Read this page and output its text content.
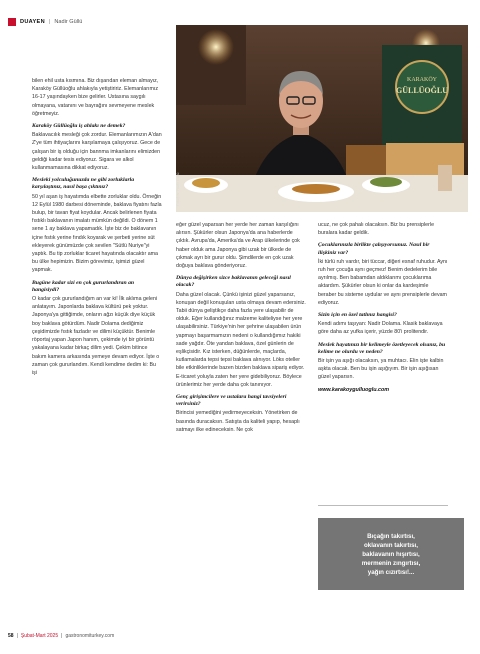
DUAYEN | Nadir Güllü
KARAKÖY
GÜLLÜOĞLU
Fotoğraf: Nadir Güllü

bilen ehil usta kısmına. Biz dışarıdan eleman almayız, Karaköy Güllüoğlu ahlakıyla yetiştiririz. Elemanlarımız 16-17 yaşındayken bize gelirler. Ustasına saygılı olmayana, vatanını ve bayrağını sevmeyene meslek öğretmeyiz.

Karaköy Güllüoğlu iş ahlakı ne demek?

Baklavacılık mesleği çok zordur. Elemanlarımızın A'dan Z'ye tüm ihtiyaçlarını karşılamaya çalışıyoruz. Gece de çalışan bir iş olduğu için bannma imkanlarını elimizden geldiği kadar tesis ediyoruz. Sigara ve alkol kullanmamasına dikkat ediyoruz.

Mesleki yolculuğunuzda ne gibi zorluklarla karşılaştınız, nasıl başa çıktınız?

50 yıl aşan iş hayatımda elbette zorluklar oldu. Örneğin 12 Eylül 1980 darbesi döneminde, baklava fiyatını fazla bulup, bir tavan fiyat koydular. Ancak belirlenen fiyata fıstıklı baklavanın imalatı mümkün değildi. O dönem 1 sene 1 ay baklava yapamadık. İşte biz de baklavanın içine fıstık yerine fındık koyarak ve şerbeti yerine süt ekleyerek günümüzde çok sevilen "Sütlü Nuriye"yi yaptık. Bu tip zorluklar ticaret hayatında olacaktır ama bu ülke hepimizin. Bizim görevimiz, işimizi güzel yapmak.

Bugüne kadar sizi en çok gururlandıran an hangisiydi?

O kadar çok gururlandığım an var ki! İlk aklıma geleni anlatayım. Japonlarda baklava kültürü pek yoktur. Japonya'ya gittiğimde, onların ağzı küçük diye küçük boy baklava götürdüm. Nadir Dolama dediğimiz çeşidimizde fıstık fazladır ve dilimi küçüktür. Benimle röportaj yapan Japon hanım, çekimde iyi bir görüntü yakalayana kadar birkaç dilim yedi. Çekim bitince bakım kamera arkasında yemeye devam ediyor. İşte o zaman çok gururlandım. Kendi kendime dedim ki: Bu işi

eğer güzel yaparsan her yerde her zaman karşılığını alırsın. Şükürler olsun Japonya'da ana haberlerde çıktık. Avrupa'da, Amerika'da ve Arap ülkelerinde çok haber olduk ama Japonya gibi uzak bir ülkede de çıkmak ayrı bir gurur oldu. Şimdilerde en çok uzak doğuya baklava gönderiyoruz.

Dünya değişirken sizce baklavanın geleceği nasıl olacak?

Daha güzel olacak. Çünkü işinizi güzel yaparsanız, konuşan değil konuşulan usta olmaya devam edersiniz. Tabii dünya geliştikçe daha fazla yere ulaşabilir de olduk. Eğer kullandığınız malzeme kaliteliyse her yere ulaşabilirsiniz. Türkiye'nin her şehrine ulaşabilen ürün yapmayı başarmamızın nedeni o kullandığımız hakiki sade yağdır. Öte yandan baklava, özel günlerin de eşlikçisidir. Kız isterken, düğünlerde, maçlarda, kutlamalarda tepsi tepsi baklava alınıyor. Löks oteller bile etkinliklerinde bazen bizden baklava sipariş ediyor. E-ticaret yoluyla zaten her yere gidebiliyoruz. Böylece ürünlerimiz her yerde daha çok tanınıyor.

Genç girişimcilere ve ustalara hangi tavsiyeleri verirsiniz?

Birincisi yemediğini yedirmeyeceksin. Yönetirken de basında duracaksın. Satışta da kaliteli yapıp, hesaplı satmayı ilke edineceksin. Ne çok

ucuz, ne çok pahalı olacaksın. Biz bu prensiplerle buralara kadar geldik.

Çocuklarınızla birlikte çalışıyorsunuz. Nasıl bir ilişkiniz var?

İki türlü ruh vardır, biri tüccar, diğeri esnaf ruhudur. Aynı ruh her çocuğa aynı geçmez! Benim dedelerim bile ayrılmış. Ben babamdan aldıklarımı çocuklarıma aktardım. Şükürler olsun ki onlar da kardeşimle beraber bu sisteme uydular ve aynı prensiplerle devam ediyoruz.

Sizin için en özel tatlınız hangisi?

Kendi adımı taşıyan: Nadir Dolama. Klasik baklavaya göre daha az yufka içerir, yüzde 80'i prolitendir.

Meslek hayatınızı bir kelimeyle özetleyecek olsanız, bu kelime ne olurdu ve neden?

Bir işin ya aşığı olacaksın, ya muhtacı. Elin işte kalbin aşkta olacak. Ben bu işin aşığıyım. Bir işin aşığısan güzel yaparsın.

www.karakoygulluoglu.com

Bıçağın takırtısı,
oklavanın takırtısı,
baklavanın hışırtısı,
mermenin zıngırtısı,
yağın cızırtısı!...
58 | Şubat-Mart 2025 | gastronomiturkey.com
